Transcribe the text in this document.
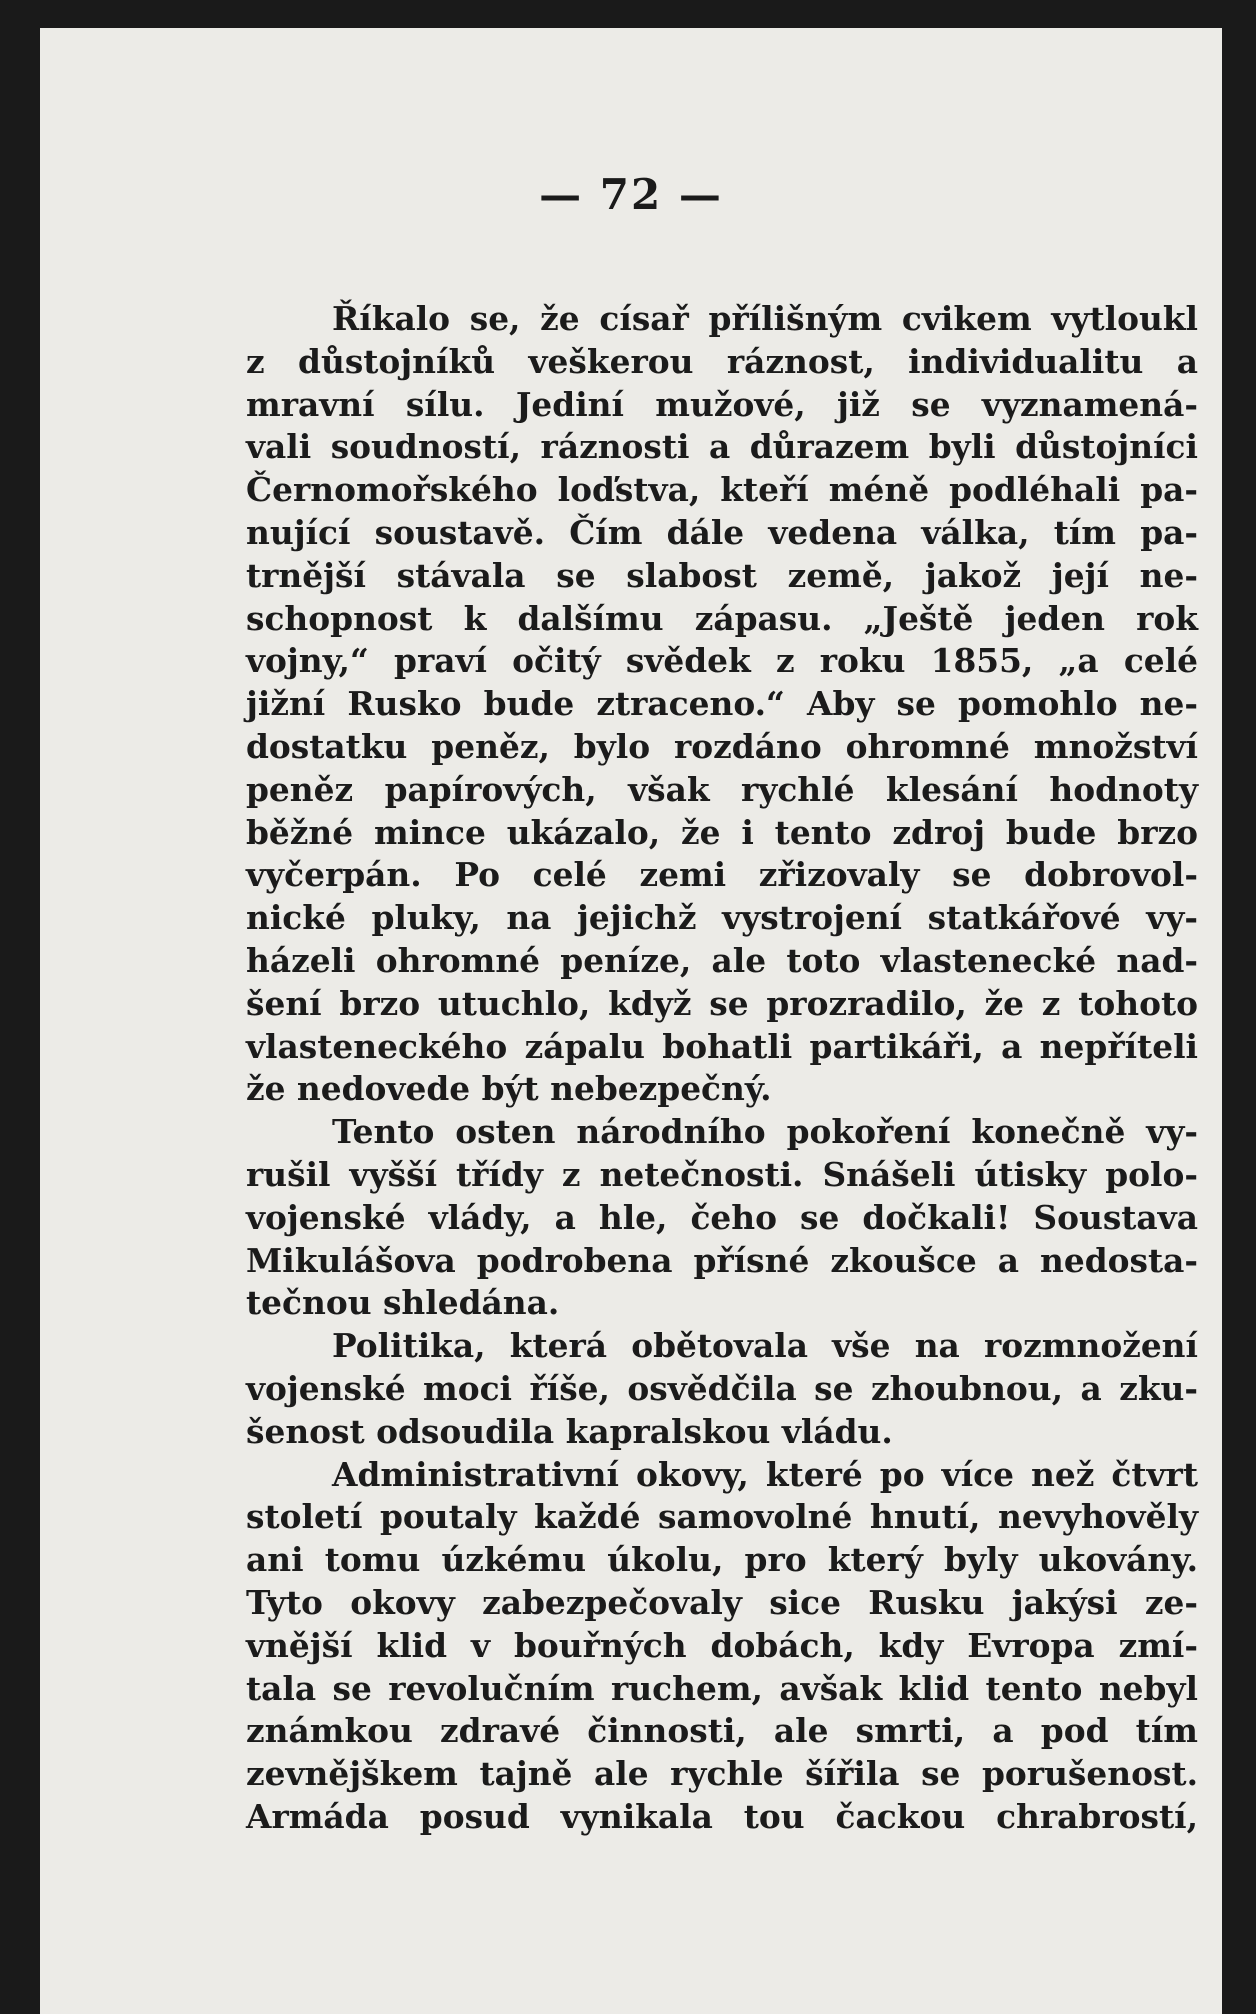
— 72 —
Říkalo se, že císař přílišným cvikem vytloukl
z důstojníků veškerou ráznost, individualitu a
mravní sílu. Jediní mužové, již se vyznamená-
vali soudností, ráznosti a důrazem byli důstojníci
Černomořského loďstva, kteří méně podléhali pa-
nující soustavě. Čím dále vedena válka, tím pa-
trnější stávala se slabost země, jakož její ne-
schopnost k dalšímu zápasu. „Ještě jeden rok
vojny,“ praví očitý svědek z roku 1855, „a celé
jižní Rusko bude ztraceno.“ Aby se pomohlo ne-
dostatku peněz, bylo rozdáno ohromné množství
peněz papírových, však rychlé klesání hodnoty
běžné mince ukázalo, že i tento zdroj bude brzo
vyčerpán. Po celé zemi zřizovaly se dobrovol-
nické pluky, na jejichž vystrojení statkářové vy-
házeli ohromné peníze, ale toto vlastenecké nad-
šení brzo utuchlo, když se prozradilo, že z tohoto
vlasteneckého zápalu bohatli partikáři, a nepříteli
že nedovede být nebezpečný.
Tento osten národního pokoření konečně vy-
rušil vyšší třídy z netečnosti. Snášeli útisky polo-
vojenské vlády, a hle, čeho se dočkali! Soustava
Mikulášova podrobena přísné zkoušce a nedosta-
tečnou shledána.
Politika, která obětovala vše na rozmnožení
vojenské moci říše, osvědčila se zhoubnou, a zku-
šenost odsoudila kapralskou vládu.
Administrativní okovy, které po více než čtvrt
století poutaly každé samovolné hnutí, nevyhověly
ani tomu úzkému úkolu, pro který byly ukovány.
Tyto okovy zabezpečovaly sice Rusku jakýsi ze-
vnější klid v bouřných dobách, kdy Evropa zmí-
tala se revolučním ruchem, avšak klid tento nebyl
známkou zdravé činnosti, ale smrti, a pod tím
zevnějškem tajně ale rychle šířila se porušenost.
Armáda posud vynikala tou čackou chrabrostí,
